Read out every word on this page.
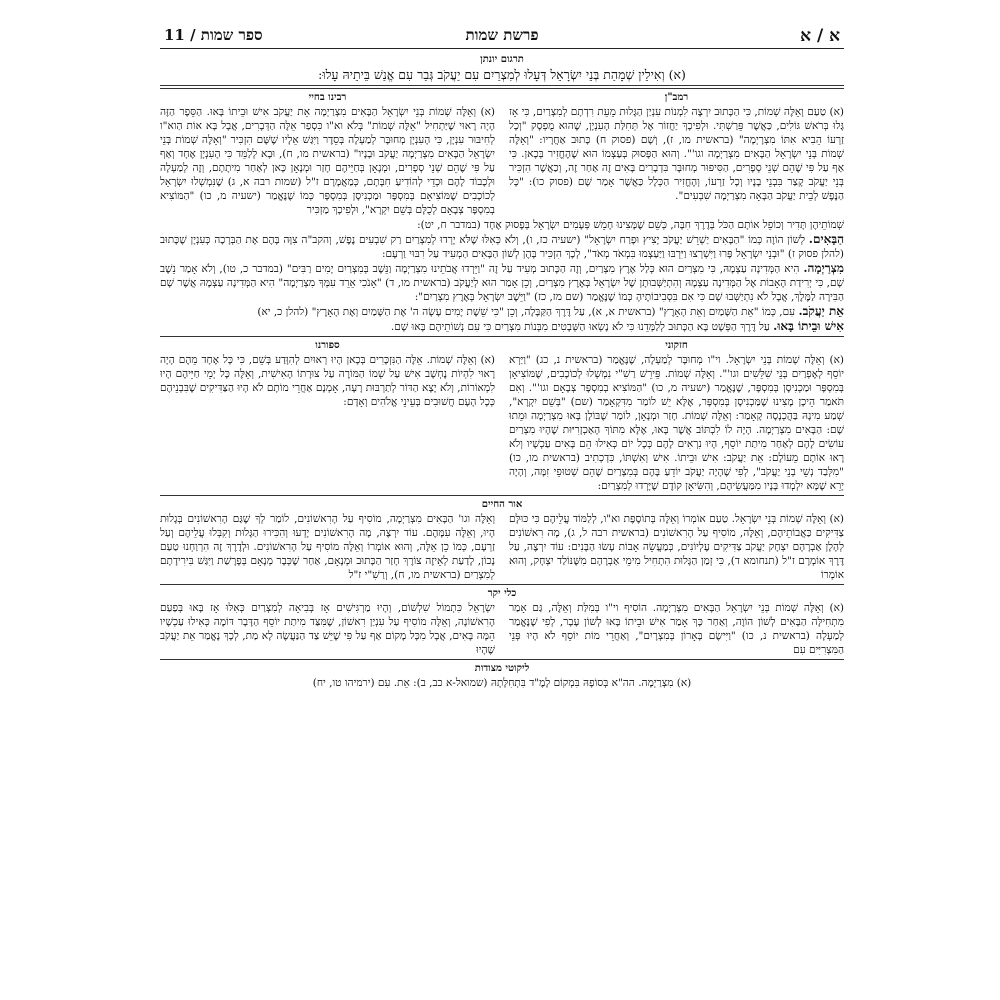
א / א
פרשת שמות
ספר שמות / 11

תרגום יונתן

(א) וְאִילֵין שְׁמָהַת בְּנֵי יִשְׂרָאֵל דְּעָלוּ לְמִצְרַיִם עִם יַעֲקֹב גְּבַר עִם אֱנַשׁ בֵּיתֵיהּ עָלוּ:

רמב"ן

(א) טַעַם וְאֵלֶּה שְׁמוֹת, כִּי הַכָּתוּב יִרְצֶה לִמְנוֹת עִנְיַן הַגָּלוּת מֵעֵת רִדְתָם לְמִצְרַיִם, כִּי אָז גָּלוּ בְּרֹאשׁ גּוֹלִים, כַּאֲשֶׁר פֵּרַשְׁתִּי. וּלְפִיכָךְ יַחֲזוֹר אֶל תְּחִלַּת הָעִנְיָן, שֶׁהוּא מֻפְסָק "וְכָל זַרְעוֹ הֵבִיא אִתּוֹ מִצְרָיְמָה" (בראשית מו, ז), וְשָׁם (פסוק ח) כָּתוּב אַחֲרָיו: "וְאֵלֶּה שְׁמוֹת בְּנֵי יִשְׂרָאֵל הַבָּאִים מִצְרַיְמָה וגו'". וְהוּא הַפָּסוּק בְּעַצְמוֹ הוּא שֶׁהֶחֱזִיר בְּכָאן. כִּי אַף עַל פִּי שֶׁהֵם שְׁנֵי סְפָרִים, הַסִּיפּוּר מְחוּבָּר בִּדְבָרִים בָּאִים זֶה אַחַר זֶה, וְכַאֲשֶׁר הִזְכִּיר בְּנֵי יַעֲקֹב קָצַר בִּבְנֵי בָנָיו וְכָל זַרְעוֹ, וְהֶחֱזִיר הַכְּלָל כַּאֲשֶׁר אָמַר שָׁם (פסוק כו): "כָּל הַנֶּפֶשׁ לְבֵית יַעֲקֹב הַבָּאָה מִצְרַיְמָה שִׁבְעִים".

רבינו בחיי

(א) וְאֵלֶּה שְׁמוֹת בְּנֵי יִשְׂרָאֵל הַבָּאִים מִצְרַיְמָה אֵת יַעֲקֹב אִישׁ וּבֵיתוֹ בָּאוּ. הַסֵּפֶר הַזֶּה הָיָה רָאוּי שֶׁיַּתְחִיל "אֵלֶּה שְׁמוֹת" בְּלֹא וא"ו כִּסְפַר אֵלֶּה הַדְּבָרִים, אֲבָל בָּא אוֹת הַוא"ו לְחִיבּוּר עִנְיָן, כִּי הָעִנְיָן מְחוּבָּר לְמַעְלָה בְּסֵדֶר וַיִּגַּשׁ אֵלָיו שֶׁשָּׁם הִזְכִּיר "וְאֵלֶּה שְׁמוֹת בְּנֵי יִשְׂרָאֵל הַבָּאִים מִצְרַיְמָה יַעֲקֹב וּבָנָיו" (בראשית מו, ח), וּבָא לְלַמֵּד כִּי הָעִנְיָן אֶחָד וְאַף עַל פִּי שֶׁהֵם שְׁנֵי סְפָרִים, וּמְנָאָן בְּחַיֵּיהֶם חָזַר וּמְנָאָן כָּאן לְאַחַר מִיתָתָם, וְזֶה לְמַעְלָה וּלְכָבוֹד לָהֶם וּכְדֵי לְהוֹדִיעַ חִבָּתָם, כְּמַאֲמָרָם ז"ל (שמות רבה א, ג) שֶׁנִּמְשְׁלוּ יִשְׂרָאֵל לְכוֹכָבִים שֶׁמּוֹצִיאָם בְּמִסְפָּר וּמַכְנִיסָן בְּמִסְפָּר כְּמוֹ שֶׁנֶּאֱמַר (ישעיה מ, כו) "הַמּוֹצִיא בְמִסְפָּר צְבָאָם לְכֻלָּם בְּשֵׁם יִקְרָא", וּלְפִיכָךְ מַזְכִּיר

שְׁמוֹתֵיהֶן תָּדִיר וְכוֹפֵל אוֹתָם הַכֹּל בְּדֶרֶךְ חִבָּה, כְּשֵׁם שֶׁמָּצִינוּ חָמֵשׁ פְּעָמִים יִשְׂרָאֵל בְּפָסוּק אֶחָד (במדבר ח, יט):

הַבָּאִים. לְשׁוֹן הוֹוֶה כְּמוֹ "הַבָּאִים יַשְׁרֵשׁ יַעֲקֹב יָצִיץ וּפָרַח יִשְׂרָאֵל" (ישעיה כז, ו), וְלֹא כְּאִלּוּ שֶׁלֹּא יָרְדוּ לְמִצְרַיִם רַק שִׁבְעִים נֶפֶשׁ, וְהקב"ה צִוָּה בָּהֶם אֶת הַבְּרָכָה כְּעִנְיָן שֶׁכָּתוּב (להלן פסוק ז) "וּבְנֵי יִשְׂרָאֵל פָּרוּ וַיִּשְׁרְצוּ וַיִּרְבּוּ וַיַּעַצְמוּ בִּמְאֹד מְאֹד", לְכָךְ הִזְכִּיר בָּהֶן לְשׁוֹן הַבָּאִים הַמְעִיד עַל רִבּוּי וַרְעָם:

מִצְרַיְמָה. הִיא הַמְּדִינָה עַצְמָהּ, כִּי מִצְרַיִם הוּא כְּלַל אֶרֶץ מִצְרַיִם, וְזֶה הַכָּתוּב מְעִיד עַל זֶה "וַיֵּרְדוּ אֲבֹתֵינוּ מִצְרַיְמָה וַנֵּשֶׁב בְּמִצְרַיִם יָמִים רַבִּים" (במדבר כ, טו), וְלֹא אָמַר נֵשֶׁב שָׁם, כִּי יְרִידַת הָאָבוֹת אֶל הַמְּדִינָה עַצְמָהּ וְהִתְיַשְּׁבוּתָן שֶׁל יִשְׂרָאֵל בְּאֶרֶץ מִצְרַיִם, וְכֵן אָמַר הוּא לְיַעֲקֹב (בראשית מו, ד) "אָנֹכִי אֵרֵד עִמְּךָ מִצְרַיְמָה" הִיא הַמְּדִינָה עַצְמָהּ אֲשֶׁר שָׁם הַבִּירָה לַמֶּלֶךְ, אֲבָל לֹא נִתְיַשְּׁבוּ שָׁם כִּי אִם בִּסְבִיבוֹתֶיהָ כְּמוֹ שֶׁנֶּאֱמַר (שם מז, כז) "וַיֵּשֶׁב יִשְׂרָאֵל בְּאֶרֶץ מִצְרַיִם":

אֵת יַעֲקֹב. עִם, כְּמוֹ "אֵת הַשָּׁמַיִם וְאֵת הָאָרֶץ" (בראשית א, א), עַל דֶּרֶךְ הַקַּבָּלָה, וְכֵן "כִּי שֵׁשֶׁת יָמִים עָשָׂה ה' אֶת הַשָּׁמַיִם וְאֶת הָאָרֶץ" (להלן כ, יא)

אִישׁ וּבֵיתוֹ בָּאוּ. עַל דֶּרֶךְ הַפְּשָׁט בָּא הַכָּתוּב לְלַמְּדֵנוּ כִּי לֹא נָשְׂאוּ הַשְּׁבָטִים מִבְּנוֹת מִצְרַיִם כִּי עִם נְשׁוֹתֵיהֶם בָּאוּ שָׁם.

חזקוני

(א) וְאֵלֶּה שְׁמוֹת בְּנֵי יִשְׂרָאֵל. וי"ו מְחוּבָּר לְמַעְלָה, שֶׁנֶּאֱמַר (בראשית נ, כג) "וַיַּרְא יוֹסֵף לְאֶפְרַיִם בְּנֵי שִׁלֵּשִׁים וגו'". וְאֵלֶּה שְׁמוֹת. פֵּירֵשׁ רַשִׁ"י נִמְשְׁלוּ לְכוֹכָבִים, שֶׁמּוֹצִיאָן בְּמִסְפָּר וּמַכְנִיסָן בְּמִסְפָּר, שֶׁנֶּאֱמַר (ישעיה מ, כו) "הַמּוֹצִיא בְמִסְפָּר צְבָאָם וגו'". וְאִם תֹּאמַר הֵיכָן מָצִינוּ שֶׁמַּכְנִיסָן בְּמִסְפָּר, אֶלָּא יֵשׁ לוֹמַר מִדִּקְאָמַר (שם) "בְּשֵׁם יִקְרָא", שְׁמַע מִינָהּ בַּהֲכְנָסָה קָאָמַר: וְאֵלֶּה שְׁמוֹת. חָזַר וּמְנָאָן, לוֹמַר שֶׁבּוֹלָן בָּאוּ מִצְרַיְמָה וּמֵתוּ שָׁם: הַבָּאִים מִצְרַיְמָה. הָיָה לוֹ לִכְתּוֹב אֲשֶׁר בָּאוּ, אֶלָּא מִתּוֹךְ הָאַכְזָרִיּוּת שֶׁהָיוּ מִצְרַיִם עוֹשִׂים לָהֶם לְאַחַר מִיתַת יוֹסֵף, הָיוּ נִרְאִים לָהֶם כְּכָל יוֹם כְּאִילוּ הֵם בָּאִים עַכְשָׁיו וְלֹא רָאוּ אוֹתָם מֵעוֹלָם: אֵת יַעֲקֹב: אִישׁ וּבֵיתוֹ. אִישׁ וְאִשְׁתּוֹ, כִּדְכְתִיב (בראשית מו, כו) "מִלְּבַד נְשֵׁי בְנֵי יַעֲקֹב", לְפִי שֶׁהָיָה יַעֲקֹב יוֹדֵעַ בָּהֶם בְּמִצְרַיִם שֶׁהֵם שְׁטוּפֵי זִמָּה, וְהָיָה יָרֵא שֶׁמָּא יִלְמְדוּ בָּנָיו מִמַּעֲשֵׂיהֶם, וְהִשִּׂיאָן קוֹדֶם שֶׁיָּרְדוּ לְמִצְרַיִם:

ספורנו

(א) וְאֵלֶּה שְׁמוֹת. אֵלֶּה הַנִּזְכָּרִים בְּכָאן הָיוּ רְאוּיִם לְהִוָּדַע בְּשֵׁם, כִּי כָּל אֶחָד מֵהֶם הָיָה רָאוּי לִהְיוֹת נֶחְשָׁב אִישׁ עַל שְׁמוֹ הַמּוֹרֶה עַל צוּרָתוֹ הָאִישִׁית, וְאֵלֶּה כָּל יְמֵי חַיֵּיהֶם הָיוּ לִמְאוֹרוֹת, וְלֹא יָצָא הַדּוֹר לְתַרְבּוּת רָעָה, אָמְנָם אַחֲרֵי מוֹתָם לֹא הָיוּ הַצַּדִּיקִים שֶׁבִּבְנֵיהֶם כְּכָל הָעָם חֲשׁוּבִים בְּעֵינֵי אֱלֹהִים וְאָדָם:

אור החיים

(א) וְאֵלֶּה שְׁמוֹת בְּנֵי יִשְׂרָאֵל. טַעַם אוֹמְרוֹ וְאֵלֶּה בְּתוֹסֶפֶת וא"ו, לְלַמּוֹד עֲלֵיהֶם כִּי כּוּלָּם צַדִּיקִים כַּאֲבוֹתֵיהֶם, וְאֵלֶּה, מוֹסִיף עַל הָרִאשׁוֹנִים (בראשית רבה ל, ג), מָה רִאשׁוֹנִים לְהָלָן אַבְרָהָם יִצְחָק יַעֲקֹב צַדִּיקִים עֶלְיוֹנִים, כְּמַעֲשֵׂה אָבוֹת עָשׂוּ הַבָּנִים: עוֹד יִרְצֶה, עַל דֶּרֶךְ אוֹמְרָם ז"ל (תנחומא ד), כִּי זְמַן הַגָּלוּת הִתְחִיל מִימֵי אַבְרָהָם מִשֶּׁנּוֹלַד יִצְחָק, וְהוּא אוֹמְרוֹ

וְאֵלֶּה וגו' הַבָּאִים מִצְרַיְמָה, מוֹסִיף עַל הָרִאשׁוֹנִים, לוֹמַר לְךָ שֶׁגַּם הָרִאשׁוֹנִים בְּגָלוּת הָיוּ, וְאֵלֶּה עִמָּהֶם. עוֹד יִרְצֶה, מָה הָרִאשׁוֹנִים יָדְעוּ וְהִכִּירוּ הַגָּלוּת וְקִבְּלוּ עֲלֵיהֶם וְעַל זַרְעָם, כְּמוֹ כֵן אֵלֶּה, וְהוּא אוֹמְרוֹ וְאֵלֶּה מוֹסִיף עַל הָרִאשׁוֹנִים. וּלְדֶרֶךְ זֶה הִרְוַחְנוּ טַעַם נָכוֹן, לָדַעַת לְאֵיזֶה צוֹרֶךְ חָזַר הַכָּתוּב וּמְנָאָם, אַחַר שֶׁכְּבָר מְנָאָם בְּפָרָשַׁת וַיִּגַּשׁ בִּירִידָתָם לְמִצְרַיִם (בראשית מו, ח), וְרַשִׁ"י ז"ל

כלי יקר

(א) וְאֵלֶּה שְׁמוֹת בְּנֵי יִשְׂרָאֵל הַבָּאִים מִצְרַיְמָה. הוֹסִיף וי"ו בְּמִלַּת וְאֵלֶּה, גַּם אָמַר מִתְחִילָּה הַבָּאִים לְשׁוֹן הוֹוֶה, וְאַחַר כָּךְ אָמַר אִישׁ וּבֵיתוֹ בָּאוּ לְשׁוֹן עָבָר, לְפִי שֶׁנֶּאֱמַר לְמַעְלָה (בראשית נ, כו) "וַיִּישֶׂם בָּאָרוֹן בְּמִצְרָיִם", וְאַחֲרֵי מוֹת יוֹסֵף לֹא הָיוּ פְּנֵי הַמִּצְרִיִּים עִם

יִשְׂרָאֵל כִּתְמוֹל שִׁלְשׁוֹם, וְהָיוּ מַרְגִּישִׁים אָז בְּבִיאָה לְמִצְרַיִם כְּאִלּוּ אָז בָּאוּ בְּפַעַם הָרִאשׁוֹנָה, וְאֵלֶּה מוֹסִיף עַל עִנְיַן רִאשׁוֹן, שֶׁמִּצַּד מִיתַת יוֹסֵף הַדָּבָר דּוֹמֶה כְּאִילוּ עַכְשָׁיו הֵמָּה בָּאִים, אֲבָל מִכָּל מָקוֹם אַף עַל פִּי שֶׁיֵּשׁ צַד הַנַּעֲשֶׂה לָא מַת, לְכָךְ נֶאֱמַר אֵת יַעֲקֹב שֶׁהָיוּ

ליקוטי מצודות

(א) מִצְרַיְמָה. הה"א בְּסוֹפָהּ בִּמְקוֹם לָמֶ"ד בִּתְחִלָּתָהּ (שמואל-א כב, ב): אֵת. עִם (ירמיהו טו, יח)
